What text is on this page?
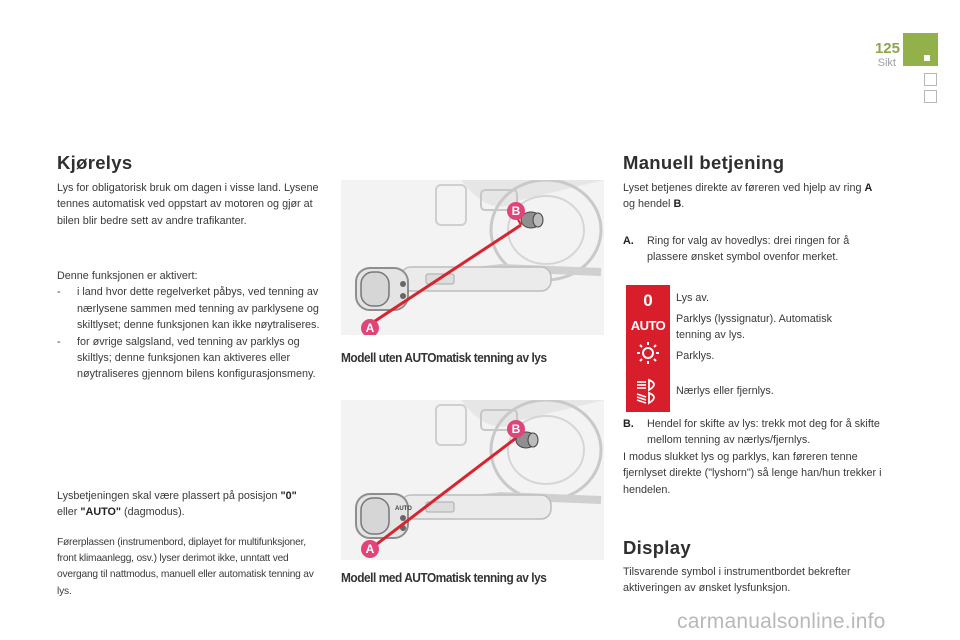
125
Sikt
Kjørelys
Lys for obligatorisk bruk om dagen i visse land. Lysene tennes automatisk ved oppstart av motoren og gjør at bilen blir bedre sett av andre trafikanter.
Denne funksjonen er aktivert:
- i land hvor dette regelverket påbys, ved tenning av nærlysene sammen med tenning av parklysene og skiltlyset; denne funksjonen kan ikke nøytraliseres.
- for øvrige salgsland, ved tenning av parklys og skiltlys; denne funksjonen kan aktiveres eller nøytraliseres gjennom bilens konfigurasjonsmeny.
Lysbetjeningen skal være plassert på posisjon "0" eller "AUTO" (dagmodus).
Førerplassen (instrumenbord, diplayet for multifunksjoner, front klimaanlegg, osv.) lyser derimot ikke, unntatt ved overgang til nattmodus, manuell eller automatisk tenning av lys.
B
A
Modell uten AUTOmatisk tenning av lys
AUTO
B
A
Modell med AUTOmatisk tenning av lys
Manuell betjening
Lyset betjenes direkte av føreren ved hjelp av ring A og hendel B.
A.	Ring for valg av hovedlys: drei ringen for å plassere ønsket symbol ovenfor merket.
0
AUTO
Lys av.
Parklys (lyssignatur). Automatisk tenning av lys.
Parklys.
Nærlys eller fjernlys.
B.	Hendel for skifte av lys: trekk mot deg for å skifte mellom tenning av nærlys/fjernlys.
I modus slukket lys og parklys, kan føreren tenne fjernlyset direkte ("lyshorn") så lenge han/hun trekker i hendelen.
Display
Tilsvarende symbol i instrumentbordet bekrefter aktiveringen av ønsket lysfunksjon.
carmanualsonline.info
